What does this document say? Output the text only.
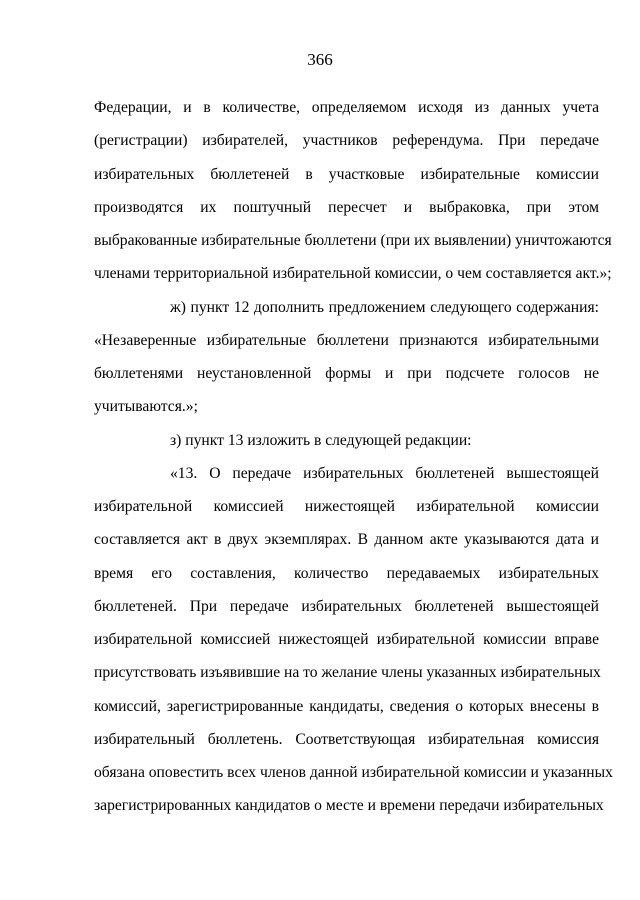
366
Федерации, и в количестве, определяемом исходя из данных учета
(регистрации) избирателей, участников референдума. При передаче
избирательных бюллетеней в участковые избирательные комиссии
производятся их поштучный пересчет и выбраковка, при этом
выбракованные избирательные бюллетени (при их выявлении) уничтожаются
членами территориальной избирательной комиссии, о чем составляется акт.»;
ж) пункт 12 дополнить предложением следующего содержания:
«Незаверенные избирательные бюллетени признаются избирательными
бюллетенями неустановленной формы и при подсчете голосов не
учитываются.»;
з) пункт 13 изложить в следующей редакции:
«13. О передаче избирательных бюллетеней вышестоящей
избирательной комиссией нижестоящей избирательной комиссии
составляется акт в двух экземплярах. В данном акте указываются дата и
время его составления, количество передаваемых избирательных
бюллетеней. При передаче избирательных бюллетеней вышестоящей
избирательной комиссией нижестоящей избирательной комиссии вправе
присутствовать изъявившие на то желание члены указанных избирательных
комиссий, зарегистрированные кандидаты, сведения о которых внесены в
избирательный бюллетень. Соответствующая избирательная комиссия
обязана оповестить всех членов данной избирательной комиссии и указанных
зарегистрированных кандидатов о месте и времени передачи избирательных
